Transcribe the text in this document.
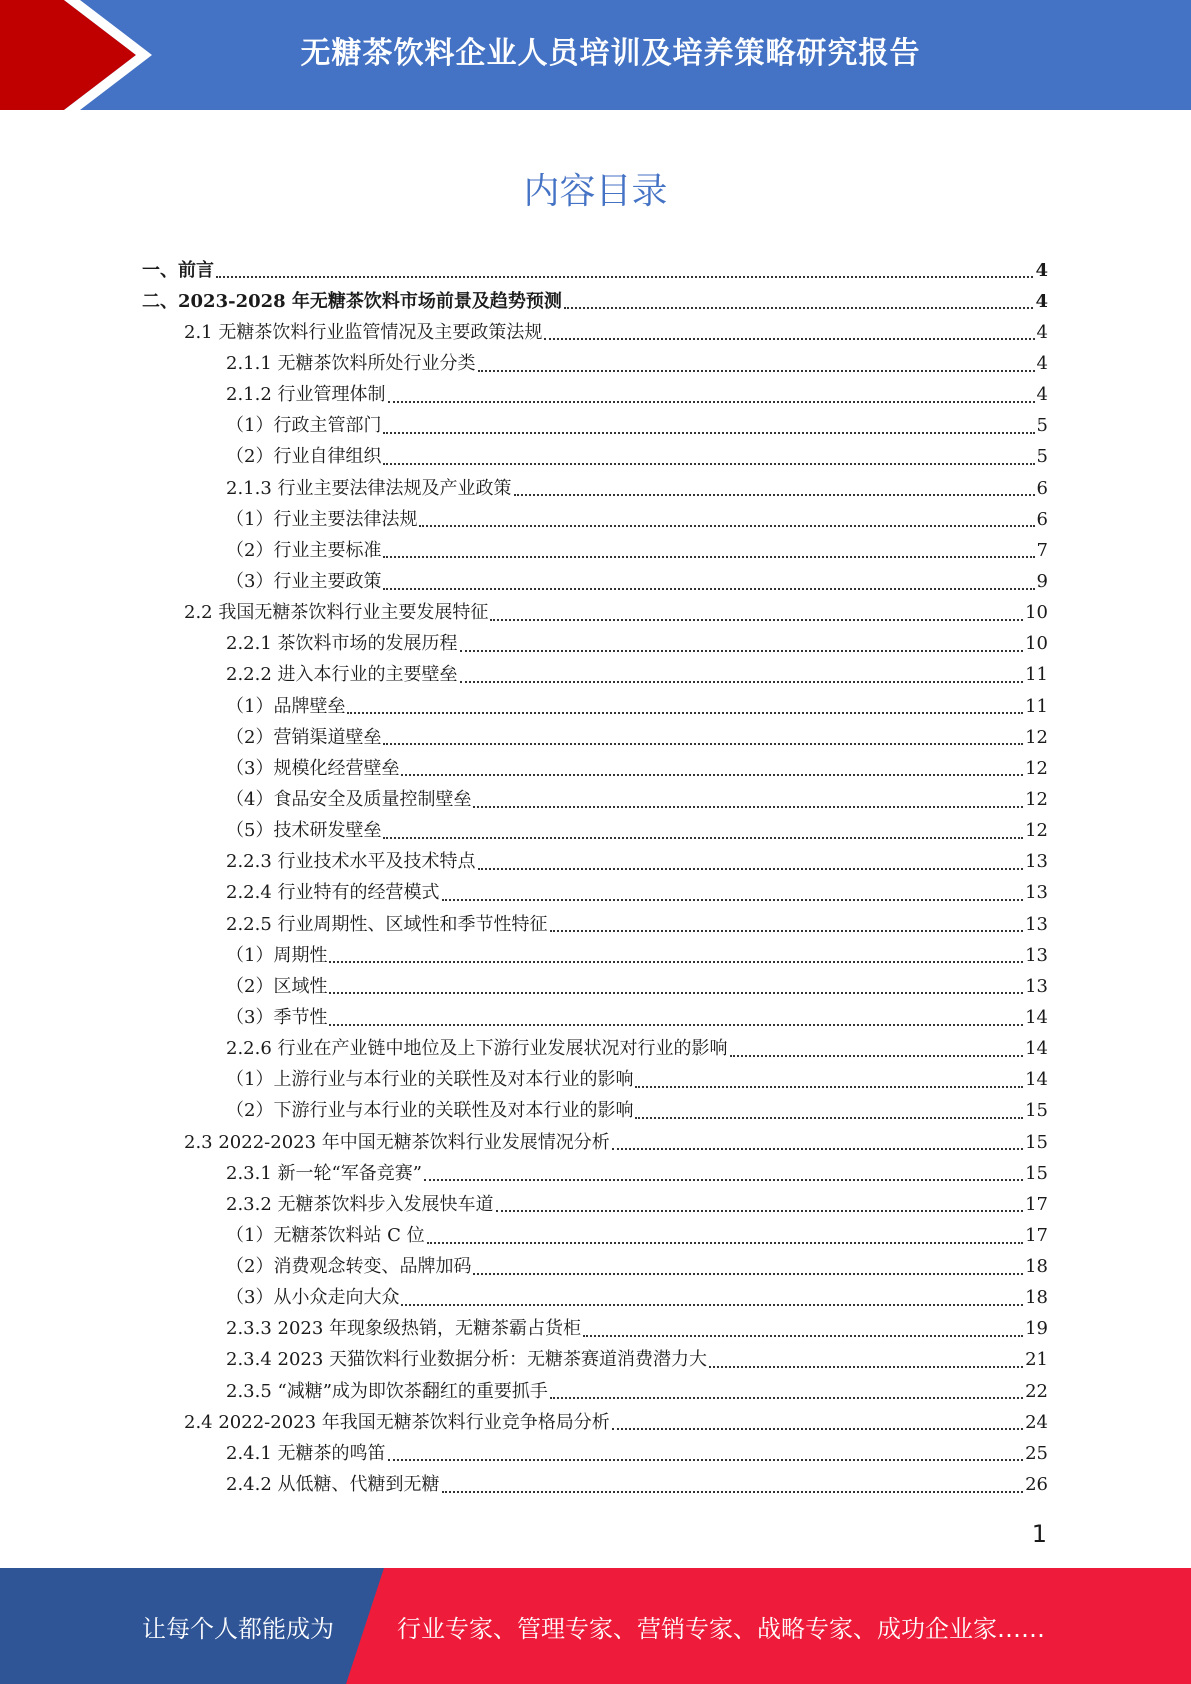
无糖茶饮料企业人员培训及培养策略研究报告
内容目录
一、前言	4
二、2023-2028 年无糖茶饮料市场前景及趋势预测	4
2.1 无糖茶饮料行业监管情况及主要政策法规	4
2.1.1 无糖茶饮料所处行业分类	4
2.1.2 行业管理体制	4
（1）行政主管部门	5
（2）行业自律组织	5
2.1.3 行业主要法律法规及产业政策	6
（1）行业主要法律法规	6
（2）行业主要标准	7
（3）行业主要政策	9
2.2 我国无糖茶饮料行业主要发展特征	10
2.2.1 茶饮料市场的发展历程	10
2.2.2 进入本行业的主要壁垒	11
（1）品牌壁垒	11
（2）营销渠道壁垒	12
（3）规模化经营壁垒	12
（4）食品安全及质量控制壁垒	12
（5）技术研发壁垒	12
2.2.3 行业技术水平及技术特点	13
2.2.4 行业特有的经营模式	13
2.2.5 行业周期性、区域性和季节性特征	13
（1）周期性	13
（2）区域性	13
（3）季节性	14
2.2.6 行业在产业链中地位及上下游行业发展状况对行业的影响	14
（1）上游行业与本行业的关联性及对本行业的影响	14
（2）下游行业与本行业的关联性及对本行业的影响	15
2.3 2022-2023 年中国无糖茶饮料行业发展情况分析	15
2.3.1 新一轮“军备竞赛”	15
2.3.2 无糖茶饮料步入发展快车道	17
（1）无糖茶饮料站 C 位	17
（2）消费观念转变、品牌加码	18
（3）从小众走向大众	18
2.3.3 2023 年现象级热销，无糖茶霸占货柜	19
2.3.4 2023 天猫饮料行业数据分析：无糖茶赛道消费潜力大	21
2.3.5 “减糖”成为即饮茶翻红的重要抓手	22
2.4 2022-2023 年我国无糖茶饮料行业竞争格局分析	24
2.4.1 无糖茶的鸣笛	25
2.4.2 从低糖、代糖到无糖	26
1
让每个人都能成为	行业专家、管理专家、营销专家、战略专家、成功企业家……
